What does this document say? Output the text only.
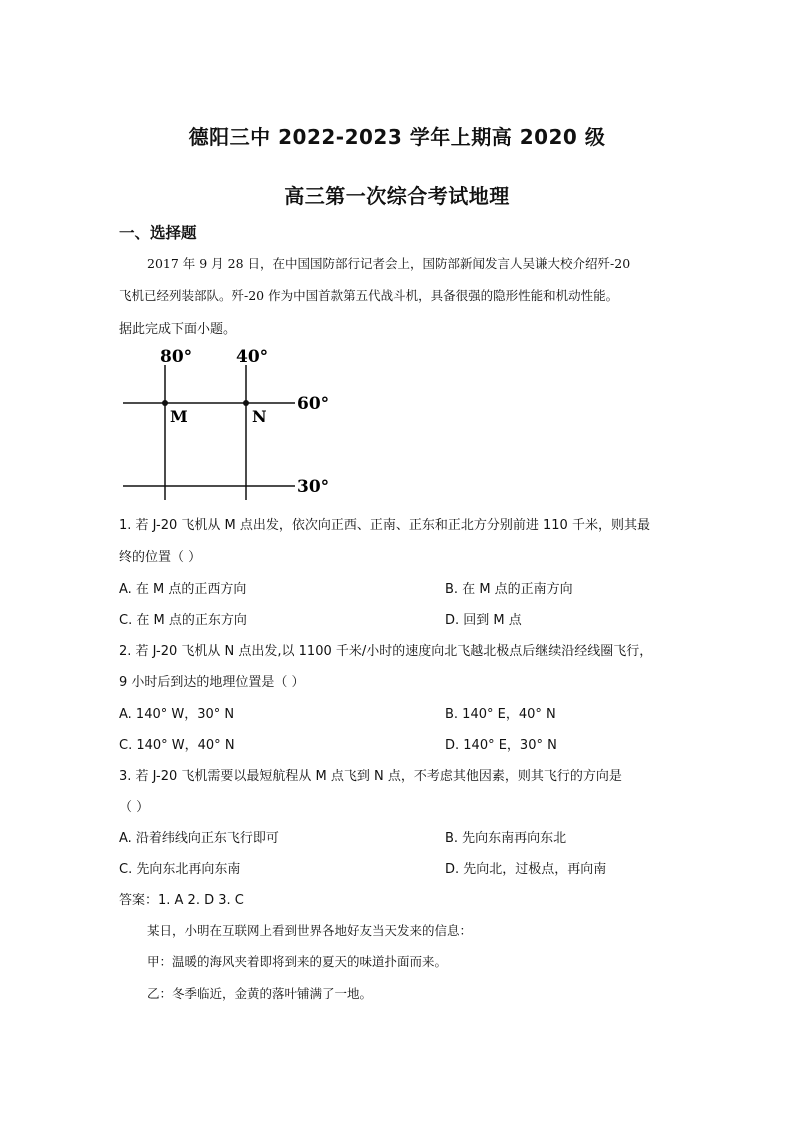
德阳三中 2022-2023 学年上期高 2020 级
高三第一次综合考试地理
一、选择题
2017 年 9 月 28 日，在中国国防部行记者会上，国防部新闻发言人吴谦大校介绍歼-20
飞机已经列装部队。歼-20 作为中国首款第五代战斗机，具备很强的隐形性能和机动性能。
据此完成下面小题。
80°	40°
60°
30°
M	N
1. 若 J-20 飞机从 M 点出发，依次向正西、正南、正东和正北方分别前进 110 千米，则其最
终的位置（ ）
A. 在 M 点的正西方向	B. 在 M 点的正南方向
C. 在 M 点的正东方向	D. 回到 M 点
2. 若 J-20 飞机从 N 点出发,以 1100 千米/小时的速度向北飞越北极点后继续沿经线圈飞行，
9 小时后到达的地理位置是（ ）
A. 140° W，30° N	B. 140° E，40° N
C. 140° W，40° N	D. 140° E，30° N
3. 若 J-20 飞机需要以最短航程从 M 点飞到 N 点，不考虑其他因素，则其飞行的方向是
（ ）
A. 沿着纬线向正东飞行即可	B. 先向东南再向东北
C. 先向东北再向东南	D. 先向北，过极点，再向南
答案：1. A 2. D 3. C
某日，小明在互联网上看到世界各地好友当天发来的信息：
甲：温暖的海风夹着即将到来的夏天的味道扑面而来。
乙：冬季临近，金黄的落叶铺满了一地。
